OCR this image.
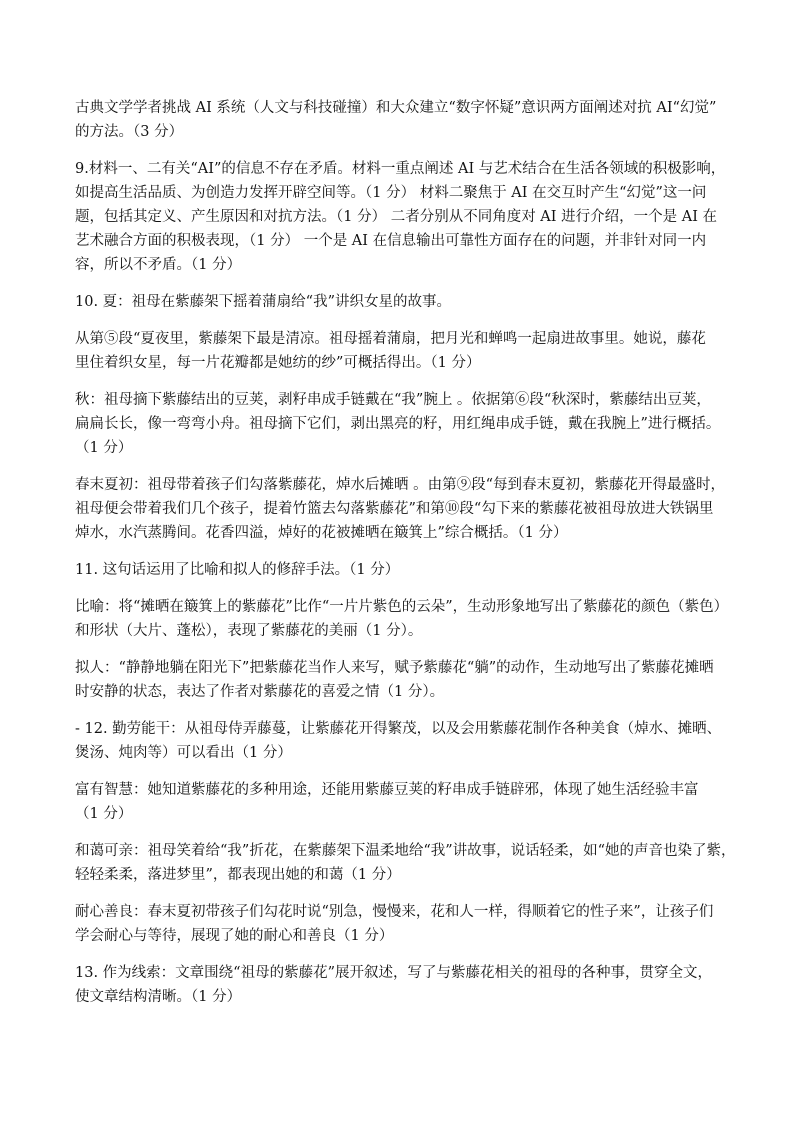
古典文学学者挑战 AI 系统（人文与科技碰撞）和大众建立“数字怀疑”意识两方面阐述对抗 AI“幻觉”
的方法。（3 分）

9.材料一、二有关“AI”的信息不存在矛盾。材料一重点阐述 AI 与艺术结合在生活各领域的积极影响，
如提高生活品质、为创造力发挥开辟空间等。（1 分） 材料二聚焦于 AI 在交互时产生“幻觉”这一问
题，包括其定义、产生原因和对抗方法。（1 分） 二者分别从不同角度对 AI 进行介绍，一个是 AI 在
艺术融合方面的积极表现，（1 分） 一个是 AI 在信息输出可靠性方面存在的问题，并非针对同一内
容，所以不矛盾。（1 分）

10. 夏：祖母在紫藤架下摇着蒲扇给“我”讲织女星的故事。

从第⑤段“夏夜里，紫藤架下最是清凉。祖母摇着蒲扇，把月光和蝉鸣一起扇进故事里。她说，藤花
里住着织女星，每一片花瓣都是她纺的纱”可概括得出。（1 分）

秋：祖母摘下紫藤结出的豆荚，剥籽串成手链戴在“我”腕上 。依据第⑥段“秋深时，紫藤结出豆荚，
扁扁长长，像一弯弯小舟。祖母摘下它们，剥出黑亮的籽，用红绳串成手链，戴在我腕上”进行概括。
（1 分）

春末夏初：祖母带着孩子们勾落紫藤花，焯水后摊晒 。由第⑨段“每到春末夏初，紫藤花开得最盛时，
祖母便会带着我们几个孩子，提着竹篮去勾落紫藤花”和第⑩段“勾下来的紫藤花被祖母放进大铁锅里
焯水，水汽蒸腾间。花香四溢，焯好的花被摊晒在簸箕上”综合概括。（1 分）

11. 这句话运用了比喻和拟人的修辞手法。（1 分）

比喻：将“摊晒在簸箕上的紫藤花”比作“一片片紫色的云朵”，生动形象地写出了紫藤花的颜色（紫色）
和形状（大片、蓬松），表现了紫藤花的美丽（1 分）。

拟人：“静静地躺在阳光下”把紫藤花当作人来写，赋予紫藤花“躺”的动作，生动地写出了紫藤花摊晒
时安静的状态，表达了作者对紫藤花的喜爱之情（1 分）。

- 12. 勤劳能干：从祖母侍弄藤蔓，让紫藤花开得繁茂，以及会用紫藤花制作各种美食（焯水、摊晒、
煲汤、炖肉等）可以看出（1 分）

富有智慧：她知道紫藤花的多种用途，还能用紫藤豆荚的籽串成手链辟邪，体现了她生活经验丰富
（1 分）

和蔼可亲：祖母笑着给“我”折花，在紫藤架下温柔地给“我”讲故事，说话轻柔，如“她的声音也染了紫，
轻轻柔柔，落进梦里”，都表现出她的和蔼（1 分）

耐心善良：春末夏初带孩子们勾花时说“别急，慢慢来，花和人一样，得顺着它的性子来”，让孩子们
学会耐心与等待，展现了她的耐心和善良（1 分）

13. 作为线索：文章围绕“祖母的紫藤花”展开叙述，写了与紫藤花相关的祖母的各种事，贯穿全文，
使文章结构清晰。（1 分）
